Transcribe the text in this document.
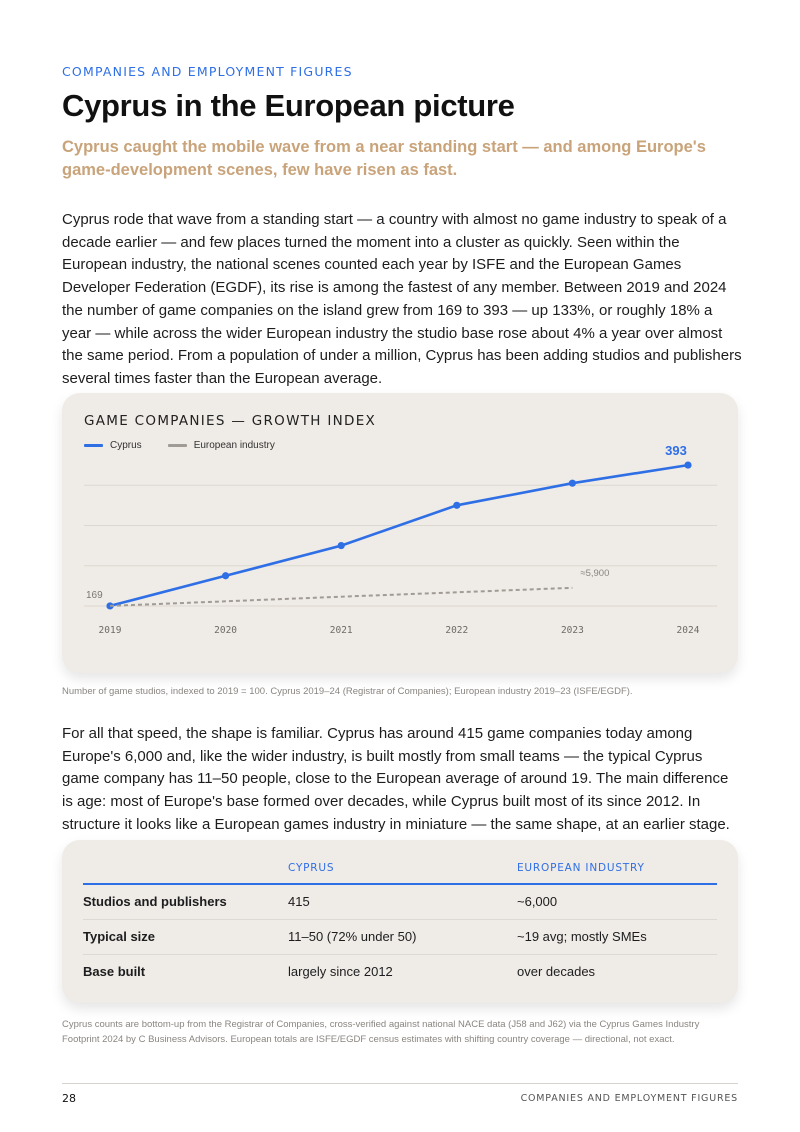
COMPANIES AND EMPLOYMENT FIGURES
Cyprus in the European picture
Cyprus caught the mobile wave from a near standing start — and among Europe's game-development scenes, few have risen as fast.

Cyprus rode that wave from a standing start — a country with almost no game industry to speak of a decade earlier — and few places turned the moment into a cluster as quickly. Seen within the European industry, the national scenes counted each year by ISFE and the European Games Developer Federation (EGDF), its rise is among the fastest of any member. Between 2019 and 2024 the number of game companies on the island grew from 169 to 393 — up 133%, or roughly 18% a year — while across the wider European industry the studio base rose about 4% a year over almost the same period. From a population of under a million, Cyprus has been adding studios and publishers several times faster than the European average.

GAME COMPANIES — GROWTH INDEX
Cyprus	European industry
2019	2020	2021	2022	2023	2024
169
393
≈5,900
Number of game studios, indexed to 2019 = 100. Cyprus 2019–24 (Registrar of Companies); European industry 2019–23 (ISFE/EGDF).

For all that speed, the shape is familiar. Cyprus has around 415 game companies today among Europe's 6,000 and, like the wider industry, is built mostly from small teams — the typical Cyprus game company has 11–50 people, close to the European average of around 19. The main difference is age: most of Europe's base formed over decades, while Cyprus built most of its since 2012. In structure it looks like a European games industry in miniature — the same shape, at an earlier stage.

	CYPRUS	EUROPEAN INDUSTRY
Studios and publishers	415	~6,000
Typical size	11–50 (72% under 50)	~19 avg; mostly SMEs
Base built	largely since 2012	over decades
Cyprus counts are bottom-up from the Registrar of Companies, cross-verified against national NACE data (J58 and J62) via the Cyprus Games Industry Footprint 2024 by C Business Advisors. European totals are ISFE/EGDF census estimates with shifting country coverage — directional, not exact.
28	COMPANIES AND EMPLOYMENT FIGURES
